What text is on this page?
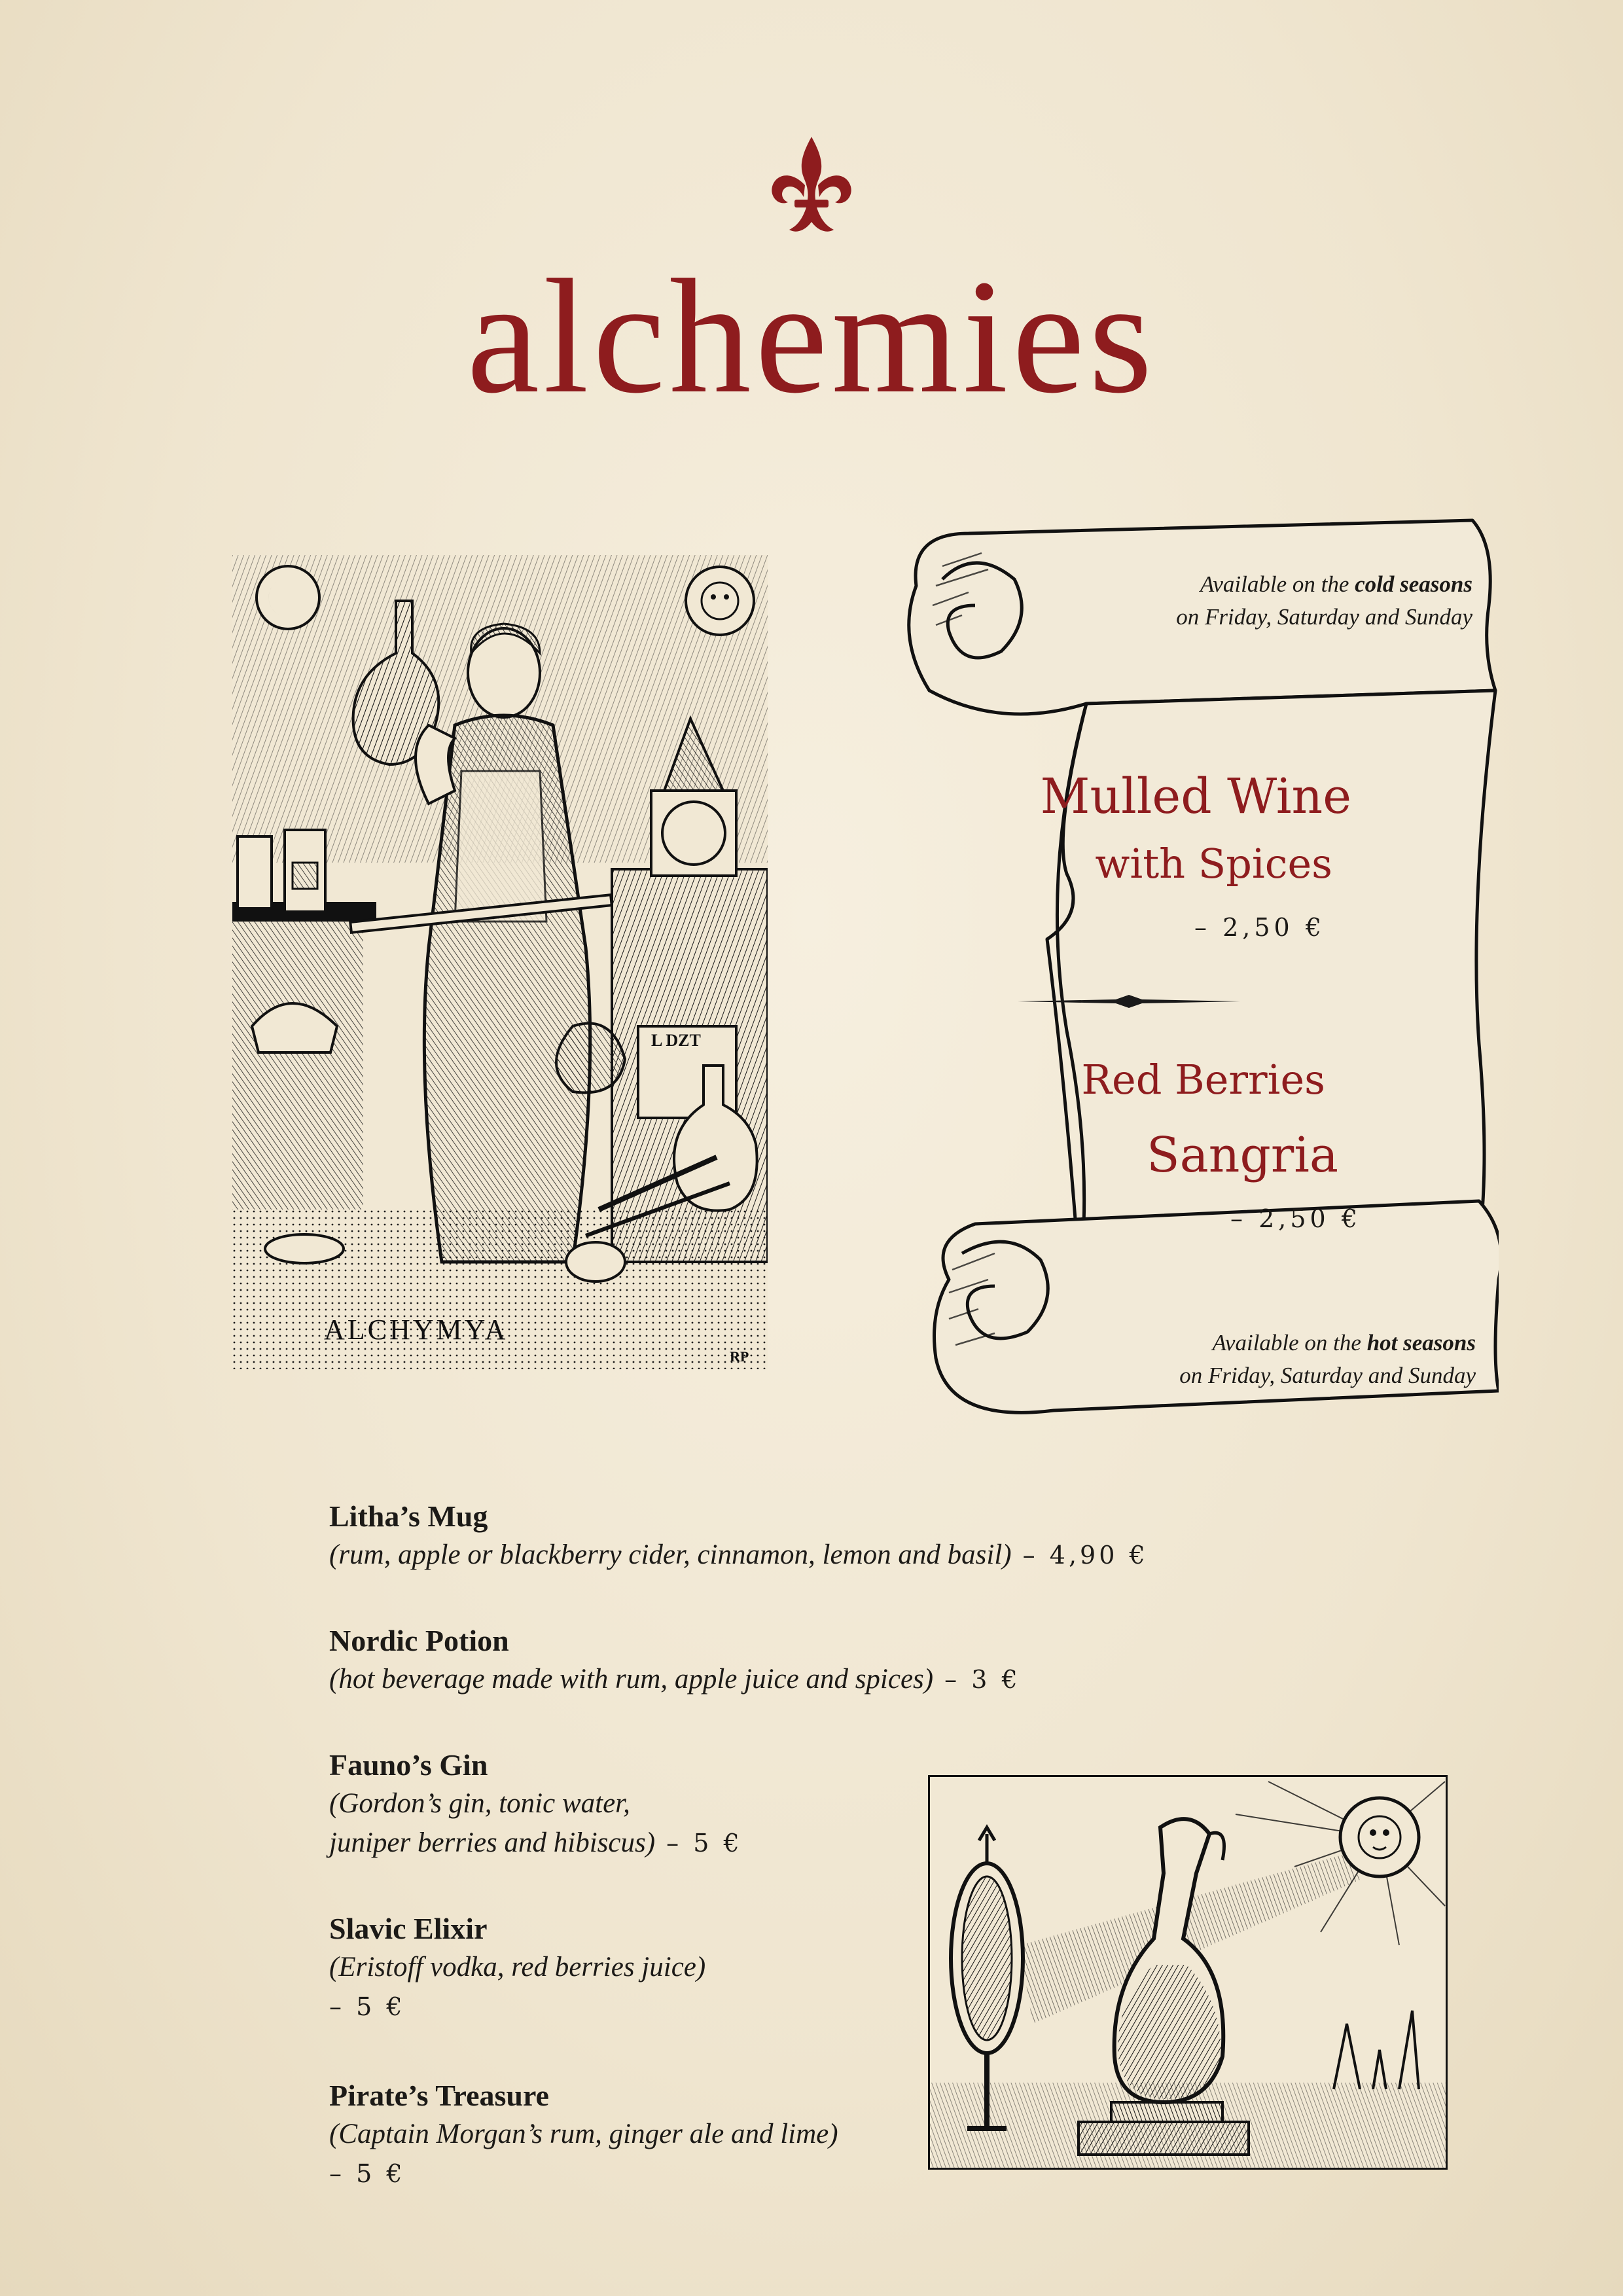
alchemies
L DZT
ALCHYMYA
RP
Available on the cold seasons
on Friday, Saturday and Sunday
Mulled Wine
with Spices
– 2,50 €
Red Berries
Sangria
– 2,50 €
Available on the hot seasons
on Friday, Saturday and Sunday
Litha’s Mug
(rum, apple or blackberry cider, cinnamon, lemon and basil) – 4,90 €
Nordic Potion
(hot beverage made with rum, apple juice and spices) – 3 €
Fauno’s Gin
(Gordon’s gin, tonic water,
juniper berries and hibiscus) – 5 €
Slavic Elixir
(Eristoff vodka, red berries juice)
– 5 €
Pirate’s Treasure
(Captain Morgan’s rum, ginger ale and lime)
– 5 €
